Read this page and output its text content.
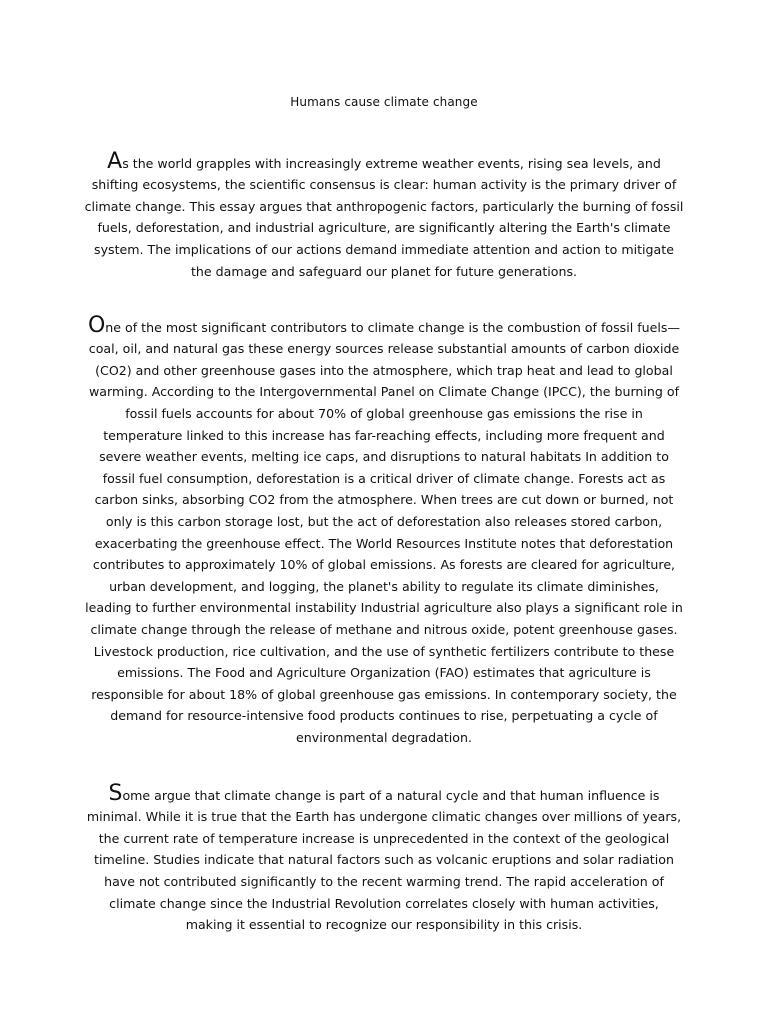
Humans cause climate change

As the world grapples with increasingly extreme weather events, rising sea levels, and shifting ecosystems, the scientific consensus is clear: human activity is the primary driver of climate change. This essay argues that anthropogenic factors, particularly the burning of fossil fuels, deforestation, and industrial agriculture, are significantly altering the Earth's climate system. The implications of our actions demand immediate attention and action to mitigate the damage and safeguard our planet for future generations.

One of the most significant contributors to climate change is the combustion of fossil fuels—coal, oil, and natural gas these energy sources release substantial amounts of carbon dioxide (CO2) and other greenhouse gases into the atmosphere, which trap heat and lead to global warming. According to the Intergovernmental Panel on Climate Change (IPCC), the burning of fossil fuels accounts for about 70% of global greenhouse gas emissions the rise in temperature linked to this increase has far-reaching effects, including more frequent and severe weather events, melting ice caps, and disruptions to natural habitats In addition to fossil fuel consumption, deforestation is a critical driver of climate change. Forests act as carbon sinks, absorbing CO2 from the atmosphere. When trees are cut down or burned, not only is this carbon storage lost, but the act of deforestation also releases stored carbon, exacerbating the greenhouse effect. The World Resources Institute notes that deforestation contributes to approximately 10% of global emissions. As forests are cleared for agriculture, urban development, and logging, the planet's ability to regulate its climate diminishes, leading to further environmental instability Industrial agriculture also plays a significant role in climate change through the release of methane and nitrous oxide, potent greenhouse gases. Livestock production, rice cultivation, and the use of synthetic fertilizers contribute to these emissions. The Food and Agriculture Organization (FAO) estimates that agriculture is responsible for about 18% of global greenhouse gas emissions. In contemporary society, the demand for resource-intensive food products continues to rise, perpetuating a cycle of environmental degradation.

Some argue that climate change is part of a natural cycle and that human influence is minimal. While it is true that the Earth has undergone climatic changes over millions of years, the current rate of temperature increase is unprecedented in the context of the geological timeline. Studies indicate that natural factors such as volcanic eruptions and solar radiation have not contributed significantly to the recent warming trend. The rapid acceleration of climate change since the Industrial Revolution correlates closely with human activities, making it essential to recognize our responsibility in this crisis.
